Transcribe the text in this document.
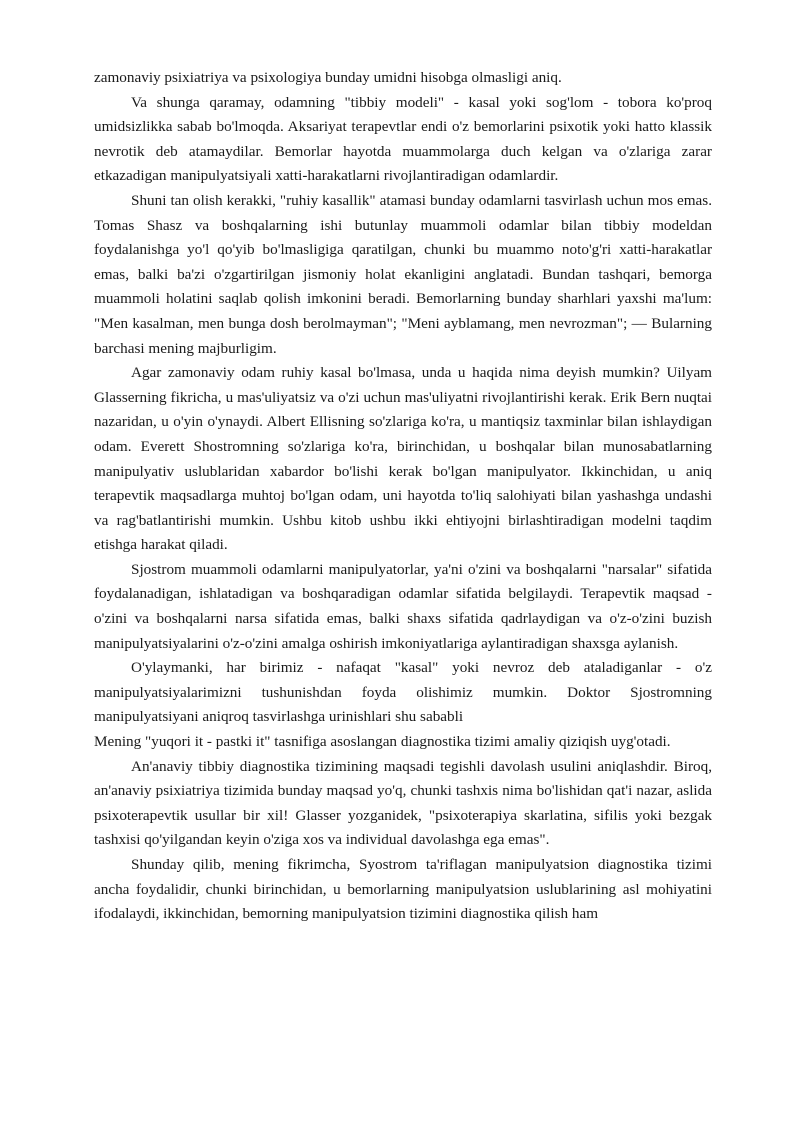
zamonaviy psixiatriya va psixologiya bunday umidni hisobga olmasligi aniq.

Va shunga qaramay, odamning "tibbiy modeli" - kasal yoki sog'lom - tobora ko'proq umidsizlikka sabab bo'lmoqda. Aksariyat terapevtlar endi o'z bemorlarini psixotik yoki hatto klassik nevrotik deb atamaydilar. Bemorlar hayotda muammolarga duch kelgan va o'zlariga zarar etkazadigan manipulyatsiyali xatti-harakatlarni rivojlantiradigan odamlardir.

Shuni tan olish kerakki, "ruhiy kasallik" atamasi bunday odamlarni tasvirlash uchun mos emas. Tomas Shasz va boshqalarning ishi butunlay muammoli odamlar bilan tibbiy modeldan foydalanishga yo'l qo'yib bo'lmasligiga qaratilgan, chunki bu muammo noto'g'ri xatti-harakatlar emas, balki ba'zi o'zgartirilgan jismoniy holat ekanligini anglatadi. Bundan tashqari, bemorga muammoli holatini saqlab qolish imkonini beradi. Bemorlarning bunday sharhlari yaxshi ma'lum: "Men kasalman, men bunga dosh berolmayman"; "Meni ayblamang, men nevrozman"; — Bularning barchasi mening majburligim.

Agar zamonaviy odam ruhiy kasal bo'lmasa, unda u haqida nima deyish mumkin? Uilyam Glasserning fikricha, u mas'uliyatsiz va o'zi uchun mas'uliyatni rivojlantirishi kerak. Erik Bern nuqtai nazaridan, u o'yin o'ynaydi. Albert Ellisning so'zlariga ko'ra, u mantiqsiz taxminlar bilan ishlaydigan odam. Everett Shostromning so'zlariga ko'ra, birinchidan, u boshqalar bilan munosabatlarning manipulyativ uslublaridan xabardor bo'lishi kerak bo'lgan manipulyator. Ikkinchidan, u aniq terapevtik maqsadlarga muhtoj bo'lgan odam, uni hayotda to'liq salohiyati bilan yashashga undashi va rag'batlantirishi mumkin. Ushbu kitob ushbu ikki ehtiyojni birlashtiradigan modelni taqdim etishga harakat qiladi.

Sjostrom muammoli odamlarni manipulyatorlar, ya'ni o'zini va boshqalarni "narsalar" sifatida foydalanadigan, ishlatadigan va boshqaradigan odamlar sifatida belgilaydi. Terapevtik maqsad - o'zini va boshqalarni narsa sifatida emas, balki shaxs sifatida qadrlaydigan va o'z-o'zini buzish manipulyatsiyalarini o'z-o'zini amalga oshirish imkoniyatlariga aylantiradigan shaxsga aylanish.

O'ylaymanki, har birimiz - nafaqat "kasal" yoki nevroz deb ataladiganlar - o'z manipulyatsiyalarimizni tushunishdan foyda olishimiz mumkin. Doktor Sjostromning manipulyatsiyani aniqroq tasvirlashga urinishlari shu sababli

Mening "yuqori it - pastki it" tasnifiga asoslangan diagnostika tizimi amaliy qiziqish uyg'otadi.

An'anaviy tibbiy diagnostika tizimining maqsadi tegishli davolash usulini aniqlashdir. Biroq, an'anaviy psixiatriya tizimida bunday maqsad yo'q, chunki tashxis nima bo'lishidan qat'i nazar, aslida psixoterapevtik usullar bir xil! Glasser yozganidek, "psixoterapiya skarlatina, sifilis yoki bezgak tashxisi qo'yilgandan keyin o'ziga xos va individual davolashga ega emas".

Shunday qilib, mening fikrimcha, Syostrom ta'riflagan manipulyatsion diagnostika tizimi ancha foydalidir, chunki birinchidan, u bemorlarning manipulyatsion uslublarining asl mohiyatini ifodalaydi, ikkinchidan, bemorning manipulyatsion tizimini diagnostika qilish ham
